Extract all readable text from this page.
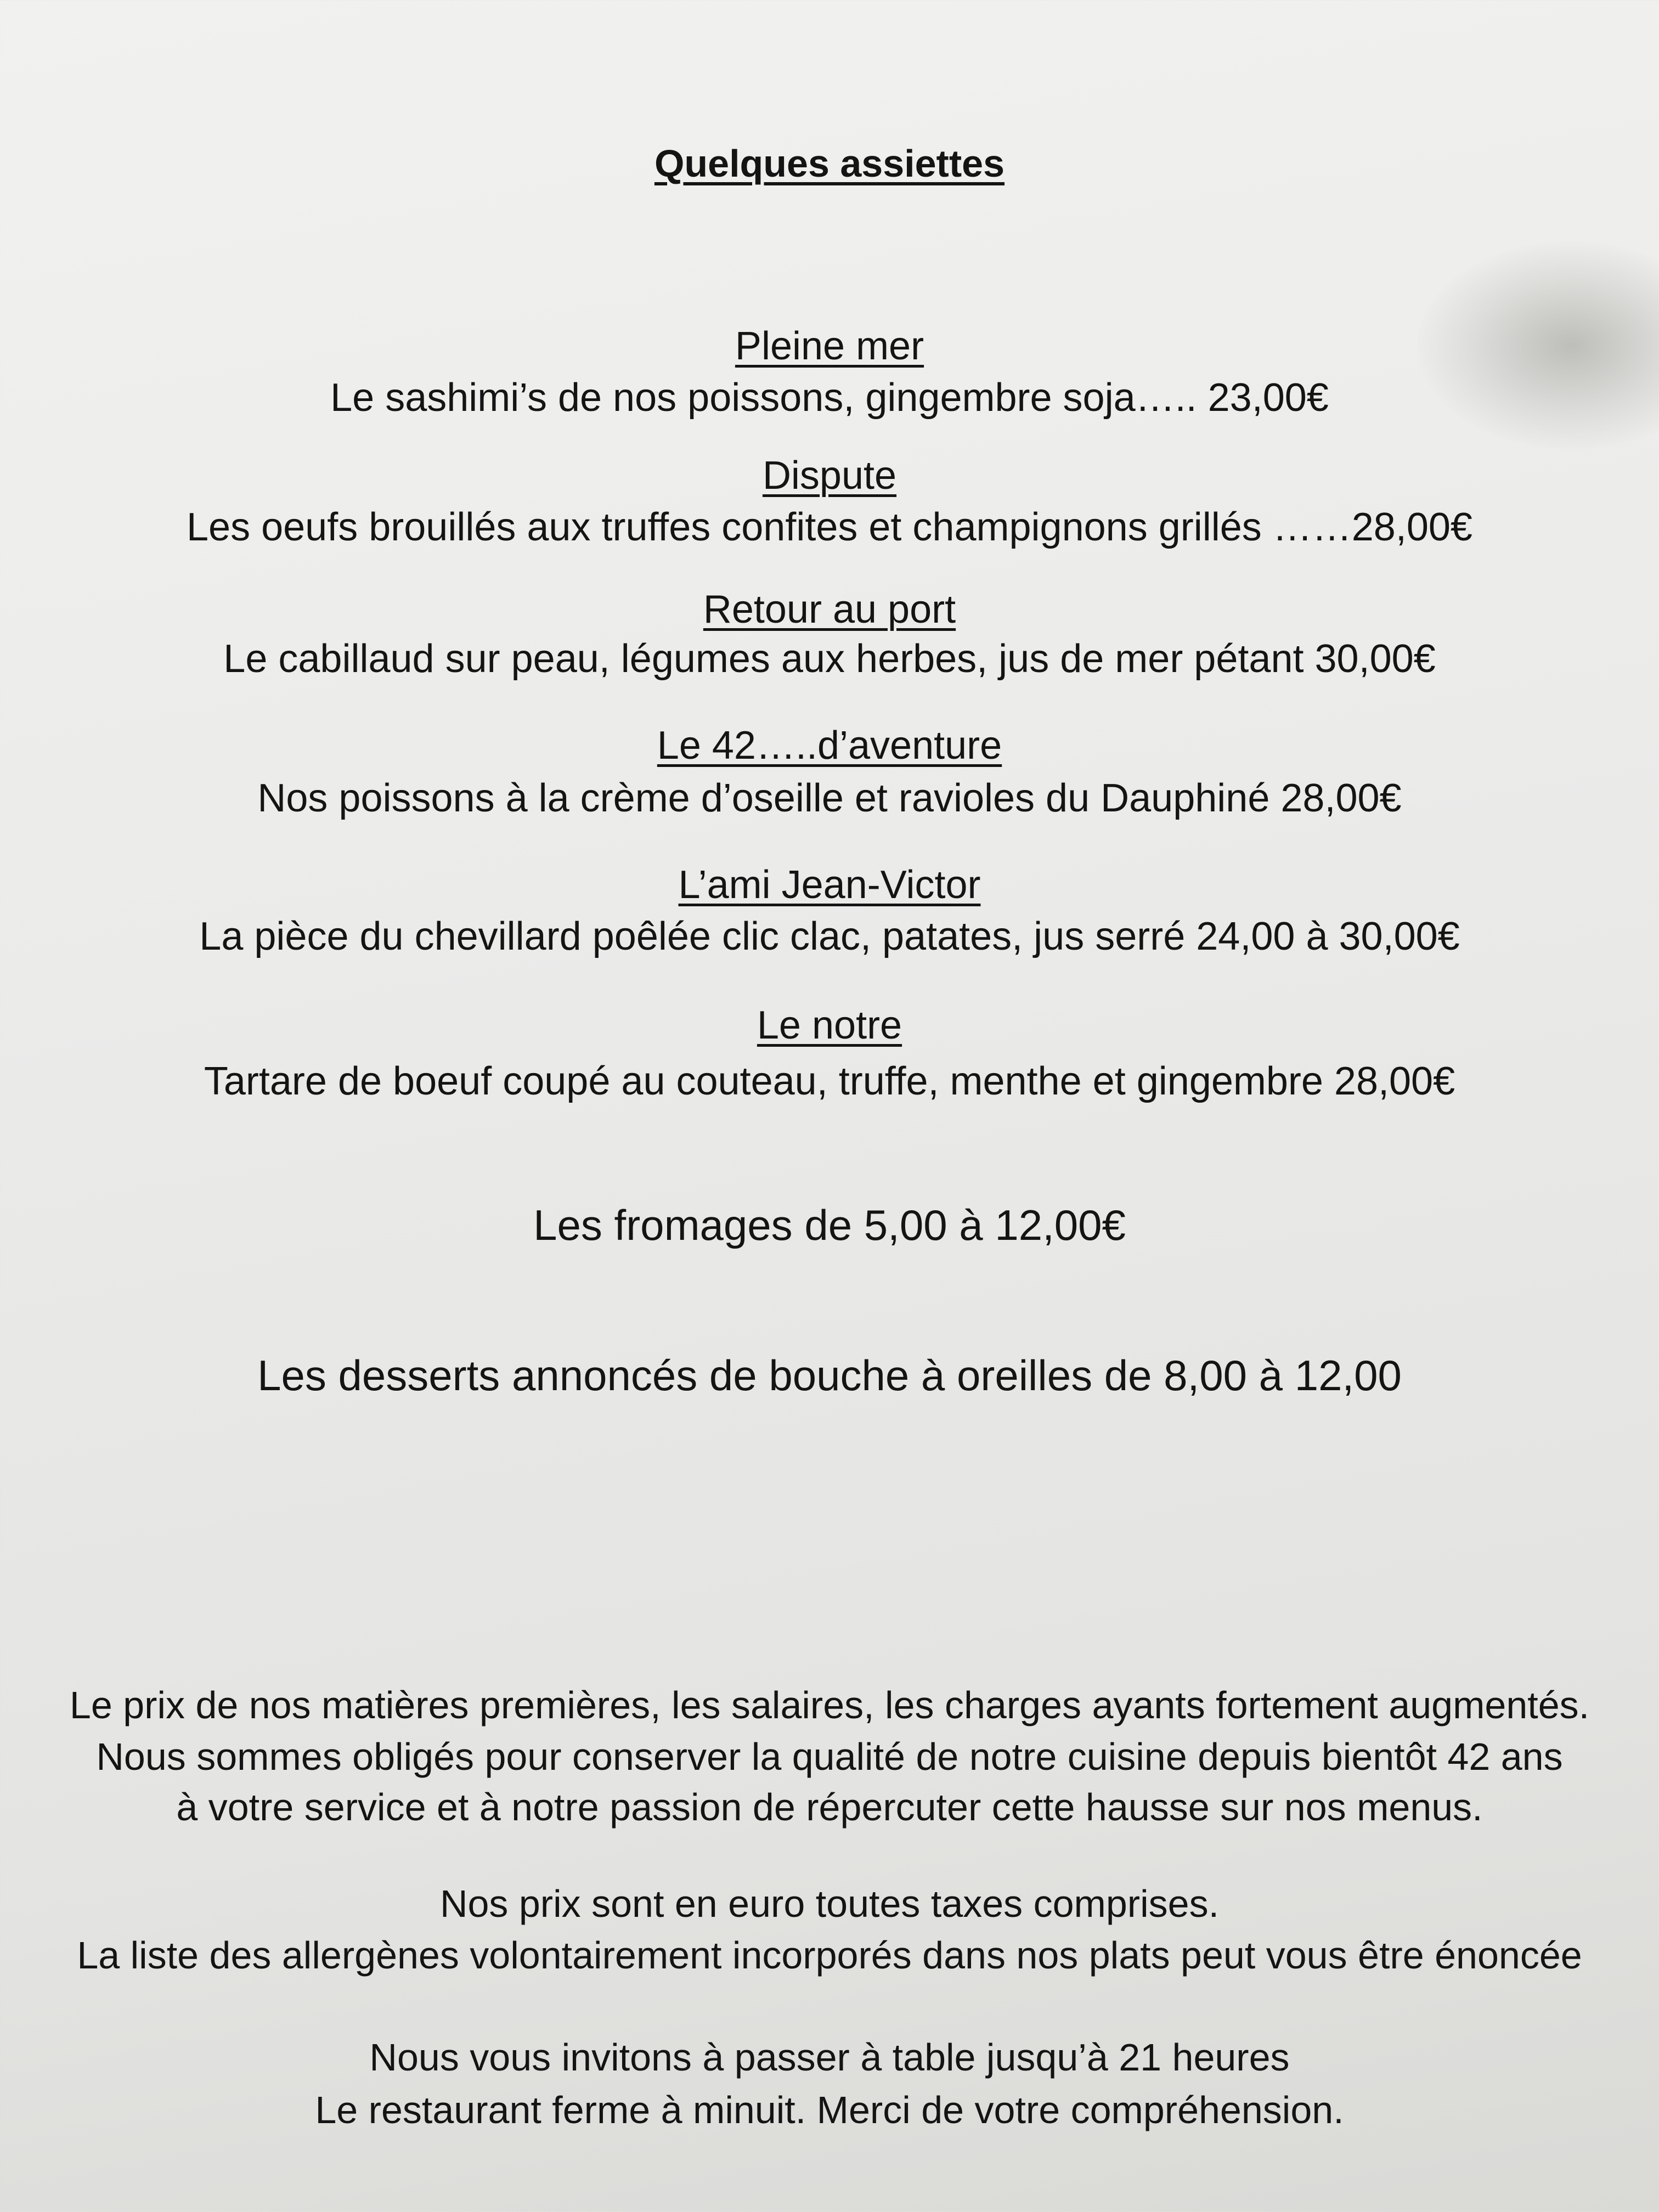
Quelques assiettes

Pleine mer

Le sashimi’s de nos poissons, gingembre soja….. 23,00€

Dispute

Les oeufs brouillés aux truffes confites et champignons grillés ……28,00€

Retour au port

Le cabillaud sur peau, légumes aux herbes, jus de mer pétant 30,00€

Le 42…..d’aventure

Nos poissons à la crème d’oseille et ravioles du Dauphiné 28,00€

L’ami Jean-Victor

La pièce du chevillard poêlée clic clac, patates, jus serré 24,00 à 30,00€

Le notre

Tartare de boeuf coupé au couteau, truffe, menthe et gingembre 28,00€

Les fromages de 5,00 à 12,00€

Les desserts annoncés de bouche à oreilles de 8,00 à 12,00

Le prix de nos matières premières, les salaires, les charges ayants fortement augmentés.

Nous sommes obligés pour conserver la qualité de notre cuisine depuis bientôt 42 ans

à votre service et à notre passion de répercuter cette hausse sur nos menus.

Nos prix sont en euro toutes taxes comprises.

La liste des allergènes volontairement incorporés dans nos plats peut vous être énoncée

Nous vous invitons à passer à table jusqu’à 21 heures

Le restaurant ferme à minuit. Merci de votre compréhension.
